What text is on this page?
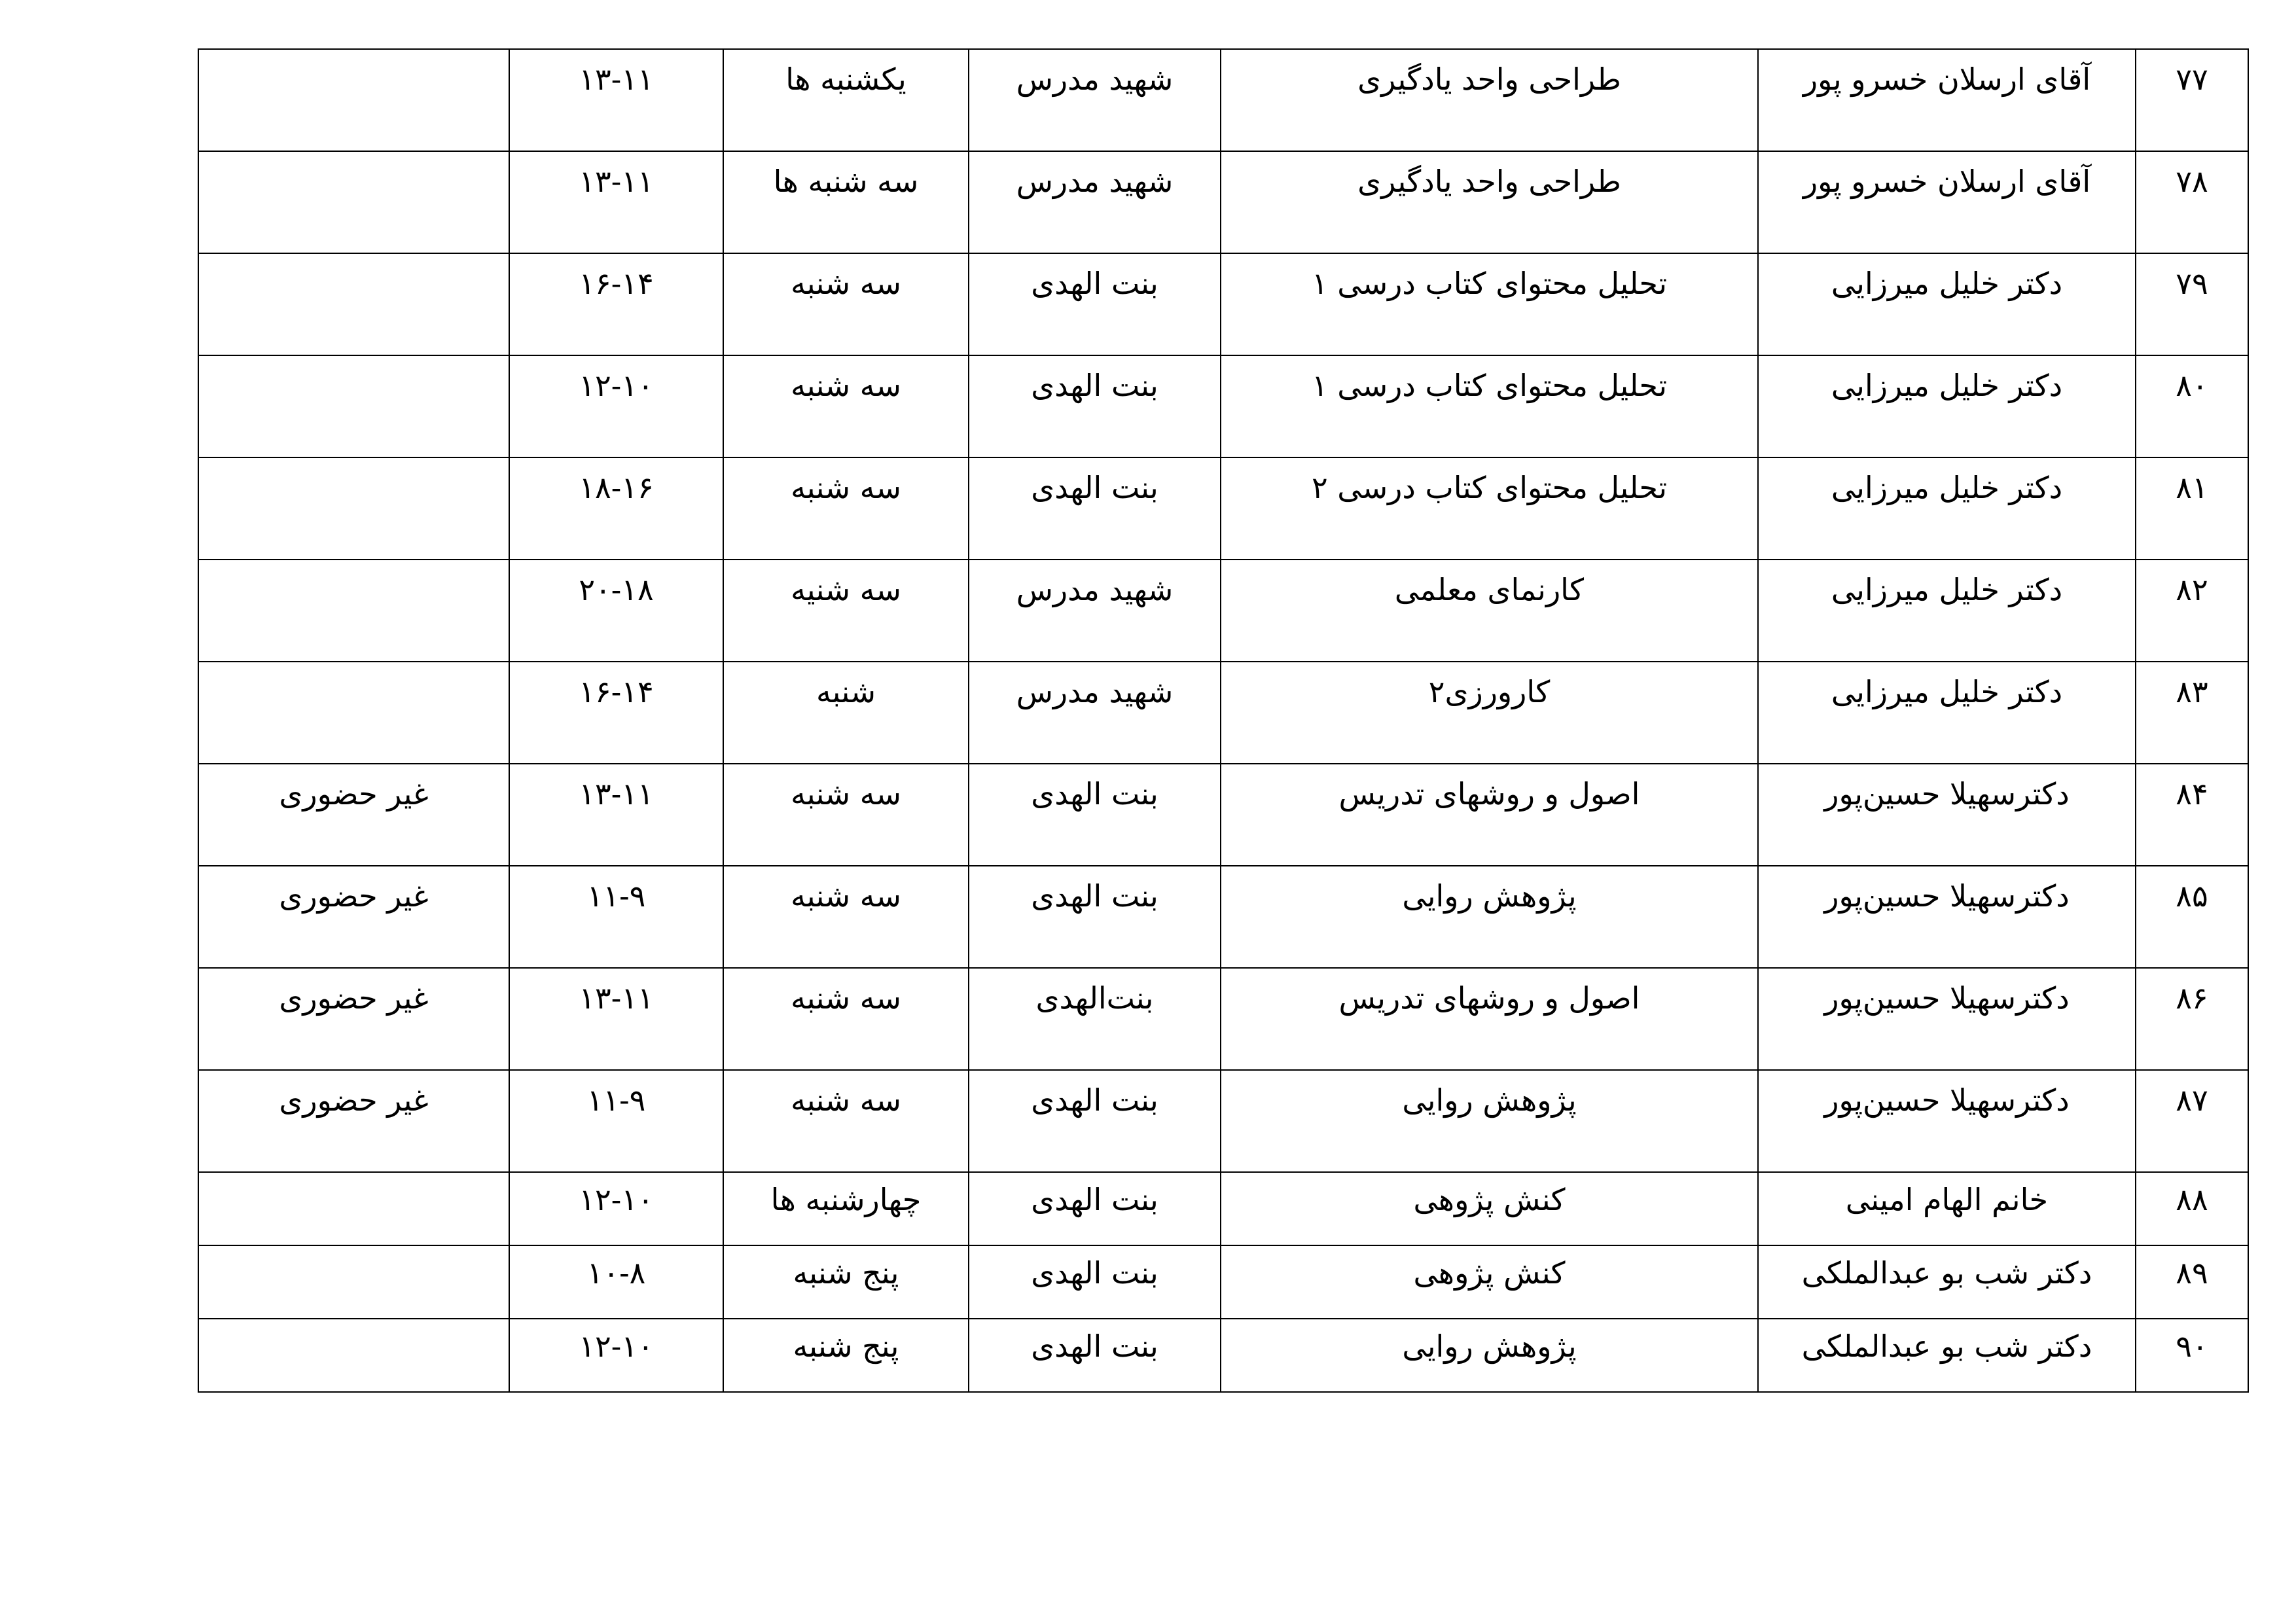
۷۷	آقای ارسلان خسرو پور	طراحی واحد یادگیری	شهید مدرس	یکشنبه ها	۱۳-۱۱	

۷۸	آقای ارسلان خسرو پور	طراحی واحد یادگیری	شهید مدرس	سه شنبه ها	۱۳-۱۱	

۷۹	دکتر خلیل میرزایی	تحلیل محتوای کتاب درسی ۱	بنت الهدی	سه شنبه	۱۶-۱۴	

۸۰	دکتر خلیل میرزایی	تحلیل محتوای کتاب درسی ۱	بنت الهدی	سه شنبه	۱۲-۱۰	

۸۱	دکتر خلیل میرزایی	تحلیل محتوای کتاب درسی ۲	بنت الهدی	سه شنبه	۱۸-۱۶	

۸۲	دکتر خلیل میرزایی	کارنمای معلمی	شهید مدرس	سه شنیه	۲۰-۱۸	

۸۳	دکتر خلیل میرزایی	کارورزی۲	شهید مدرس	شنبه	۱۶-۱۴	

۸۴	دکترسهیلا حسین‌پور	اصول و روشهای تدریس	بنت الهدی	سه شنبه	۱۳-۱۱	غیر حضوری

۸۵	دکترسهیلا حسین‌پور	پژوهش روایی	بنت الهدی	سه شنبه	۱۱-۹	غیر حضوری

۸۶	دکترسهیلا حسین‌پور	اصول و روشهای تدریس	بنت‌الهدی	سه شنبه	۱۳-۱۱	غیر حضوری

۸۷	دکترسهیلا حسین‌پور	پژوهش روایی	بنت الهدی	سه شنبه	۱۱-۹	غیر حضوری

۸۸	خانم الهام امینی	کنش پژوهی	بنت الهدی	چهارشنبه ها	۱۲-۱۰	

۸۹	دکتر شب بو عبدالملکی	کنش پژوهی	بنت الهدی	پنج شنبه	۱۰-۸	

۹۰	دکتر شب بو عبدالملکی	پژوهش روایی	بنت الهدی	پنج شنبه	۱۲-۱۰	
